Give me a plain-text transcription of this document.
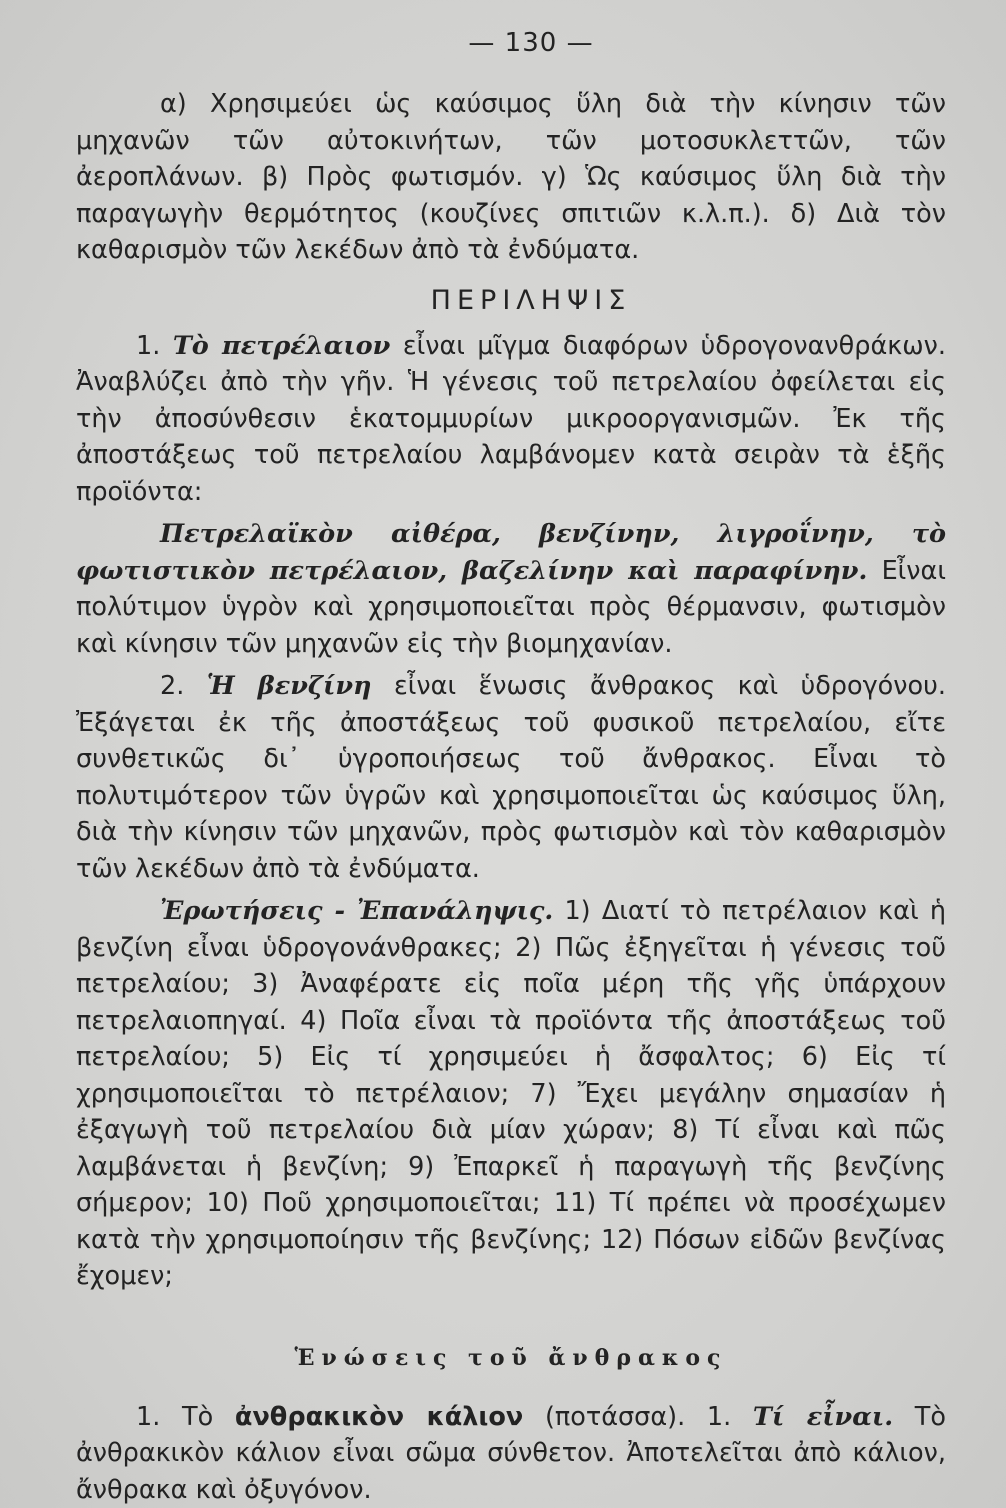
— 130 —

α) Χρησιμεύει ὡς καύσιμος ὕλη διὰ τὴν κίνησιν τῶν μηχανῶν τῶν αὐτοκινήτων, τῶν μοτοσυκλεττῶν, τῶν ἀεροπλάνων. β) Πρὸς φωτισμόν. γ) Ὡς καύσιμος ὕλη διὰ τὴν παραγωγὴν θερμότητος (κουζίνες σπιτιῶν κ.λ.π.). δ) Διὰ τὸν καθαρισμὸν τῶν λεκέδων ἀπὸ τὰ ἐνδύματα.

ΠΕΡΙΛΗΨΙΣ

1. Τὸ πετρέλαιον εἶναι μῖγμα διαφόρων ὑδρογονανθράκων. Ἀναβλύζει ἀπὸ τὴν γῆν. Ἡ γένεσις τοῦ πετρελαίου ὀφείλεται εἰς τὴν ἀποσύνθεσιν ἑκατομμυρίων μικροοργανισμῶν. Ἐκ τῆς ἀποστάξεως τοῦ πετρελαίου λαμβάνομεν κατὰ σειρὰν τὰ ἑξῆς προϊόντα:

Πετρελαϊκὸν αἰθέρα, βενζίνην, λιγροΐνην, τὸ φωτιστικὸν πετρέλαιον, βαζελίνην καὶ παραφίνην. Εἶναι πολύτιμον ὑγρὸν καὶ χρησιμοποιεῖται πρὸς θέρμανσιν, φωτισμὸν καὶ κίνησιν τῶν μηχανῶν εἰς τὴν βιομηχανίαν.

2. Ἡ βενζίνη εἶναι ἕνωσις ἄνθρακος καὶ ὑδρογόνου. Ἐξάγεται ἐκ τῆς ἀποστάξεως τοῦ φυσικοῦ πετρελαίου, εἴτε συνθετικῶς δι᾽ ὑγροποιήσεως τοῦ ἄνθρακος. Εἶναι τὸ πολυτιμότερον τῶν ὑγρῶν καὶ χρησιμοποιεῖται ὡς καύσιμος ὕλη, διὰ τὴν κίνησιν τῶν μηχανῶν, πρὸς φωτισμὸν καὶ τὸν καθαρισμὸν τῶν λεκέδων ἀπὸ τὰ ἐνδύματα.

Ἐρωτήσεις - Ἐπανάληψις. 1) Διατί τὸ πετρέλαιον καὶ ἡ βενζίνη εἶναι ὑδρογονάνθρακες; 2) Πῶς ἐξηγεῖται ἡ γένεσις τοῦ πετρελαίου; 3) Ἀναφέρατε εἰς ποῖα μέρη τῆς γῆς ὑπάρχουν πετρελαιοπηγαί. 4) Ποῖα εἶναι τὰ προϊόντα τῆς ἀποστάξεως τοῦ πετρελαίου; 5) Εἰς τί χρησιμεύει ἡ ἄσφαλτος; 6) Εἰς τί χρησιμοποιεῖται τὸ πετρέλαιον; 7) Ἔχει μεγάλην σημασίαν ἡ ἐξαγωγὴ τοῦ πετρελαίου διὰ μίαν χώραν; 8) Τί εἶναι καὶ πῶς λαμβάνεται ἡ βενζίνη; 9) Ἐπαρκεῖ ἡ παραγωγὴ τῆς βενζίνης σήμερον; 10) Ποῦ χρησιμοποιεῖται; 11) Τί πρέπει νὰ προσέχωμεν κατὰ τὴν χρησιμοποίησιν τῆς βενζίνης; 12) Πόσων εἰδῶν βενζίνας ἔχομεν;

Ἑνώσεις τοῦ ἄνθρακος

1. Τὸ ἀνθρακικὸν κάλιον (ποτάσσα). 1. Τί εἶναι. Τὸ ἀνθρακικὸν κάλιον εἶναι σῶμα σύνθετον. Ἀποτελεῖται ἀπὸ κάλιον, ἄνθρακα καὶ ὀξυγόνον.
